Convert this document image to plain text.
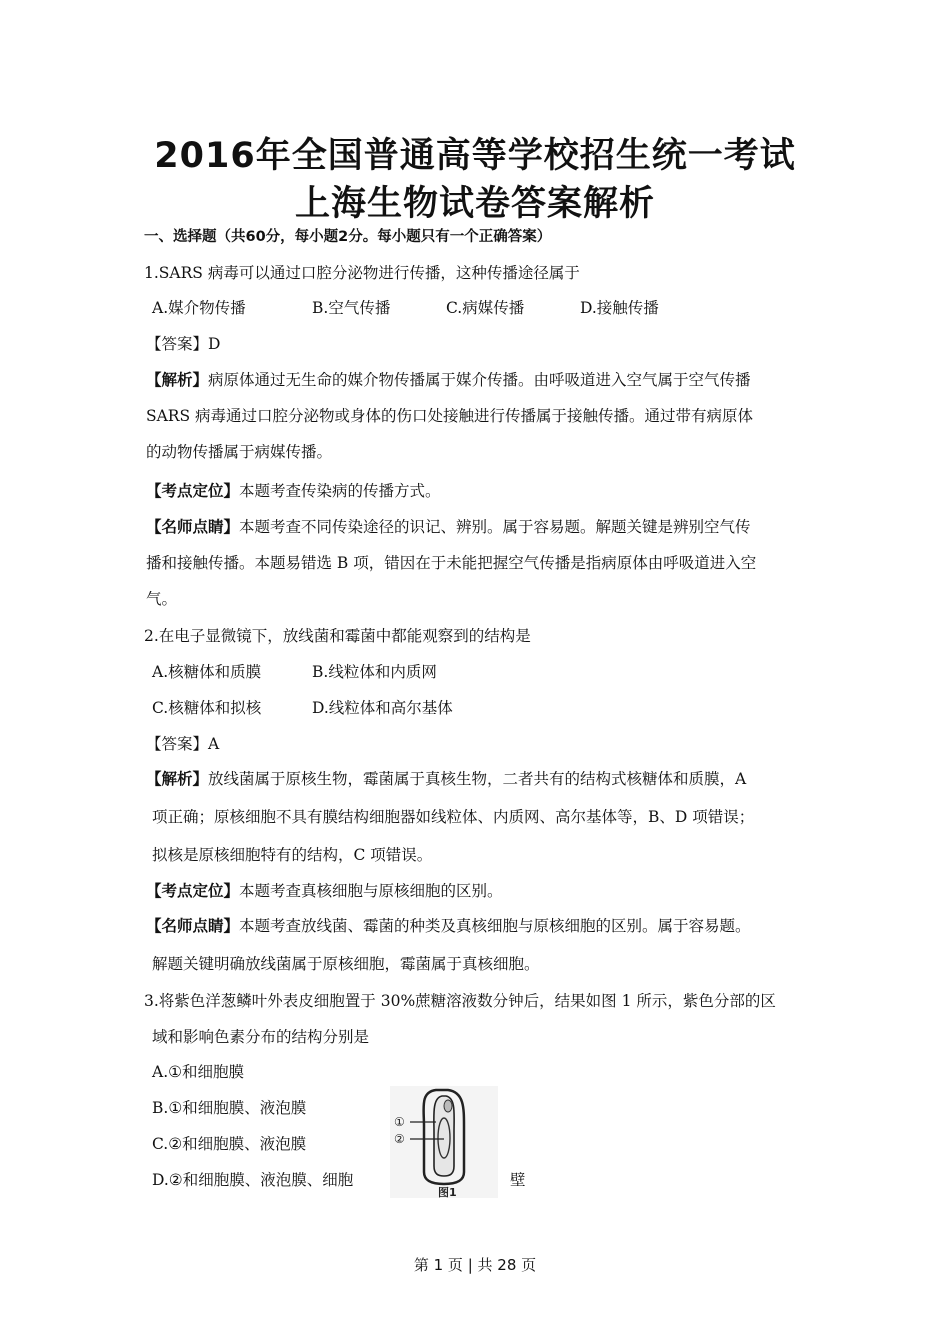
2016年全国普通高等学校招生统一考试
上海生物试卷答案解析
一、选择题（共60分，每小题2分。每小题只有一个正确答案）
1.SARS 病毒可以通过口腔分泌物进行传播，这种传播途径属于
A.媒介物传播	B.空气传播	C.病媒传播	D.接触传播
【答案】D
【解析】病原体通过无生命的媒介物传播属于媒介传播。由呼吸道进入空气属于空气传播
SARS 病毒通过口腔分泌物或身体的伤口处接触进行传播属于接触传播。通过带有病原体
的动物传播属于病媒传播。
【考点定位】本题考查传染病的传播方式。
【名师点睛】本题考查不同传染途径的识记、辨别。属于容易题。解题关键是辨别空气传
播和接触传播。本题易错选 B 项，错因在于未能把握空气传播是指病原体由呼吸道进入空
气。
2.在电子显微镜下，放线菌和霉菌中都能观察到的结构是
A.核糖体和质膜	B.线粒体和内质网
C.核糖体和拟核	D.线粒体和高尔基体
【答案】A
【解析】放线菌属于原核生物，霉菌属于真核生物，二者共有的结构式核糖体和质膜，A
项正确；原核细胞不具有膜结构细胞器如线粒体、内质网、高尔基体等，B、D 项错误；
拟核是原核细胞特有的结构，C 项错误。
【考点定位】本题考查真核细胞与原核细胞的区别。
【名师点睛】本题考查放线菌、霉菌的种类及真核细胞与原核细胞的区别。属于容易题。
解题关键明确放线菌属于原核细胞，霉菌属于真核细胞。
3.将紫色洋葱鳞叶外表皮细胞置于 30%蔗糖溶液数分钟后，结果如图 1 所示，紫色分部的区
域和影响色素分布的结构分别是
A.①和细胞膜
B.①和细胞膜、液泡膜
C.②和细胞膜、液泡膜
D.②和细胞膜、液泡膜、细胞	壁
①
②
图1
第 1 页 | 共 28 页
